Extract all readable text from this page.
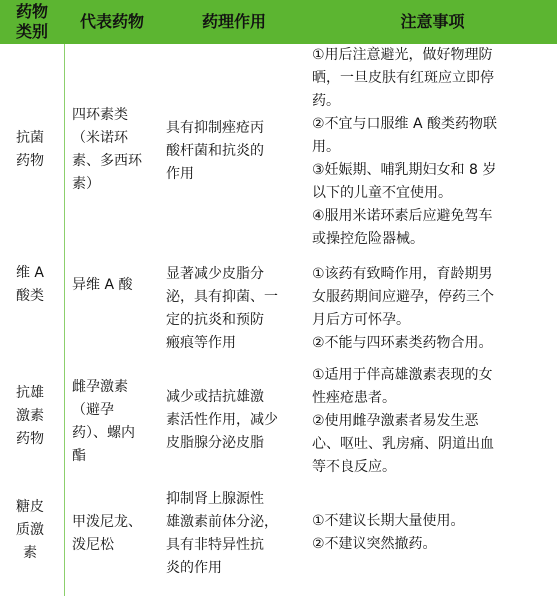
药物
类别
代表药物	药理作用	注意事项
抗菌
药物
四环素类
（米诺环
素、多西环
素）
具有抑制痤疮丙
酸杆菌和抗炎的
作用
①用后注意避光，做好物理防
晒，一旦皮肤有红斑应立即停
药。
②不宜与口服维 A 酸类药物联
用。
③妊娠期、哺乳期妇女和 8 岁
以下的儿童不宜使用。
④服用米诺环素后应避免驾车
或操控危险器械。
维 A
酸类
异维 A 酸
显著减少皮脂分
泌，具有抑菌、一
定的抗炎和预防
瘢痕等作用
①该药有致畸作用，育龄期男
女服药期间应避孕，停药三个
月后方可怀孕。
②不能与四环素类药物合用。
抗雄
激素
药物
雌孕激素
（避孕
药）、螺内
酯
减少或拮抗雄激
素活性作用，减少
皮脂腺分泌皮脂
①适用于伴高雄激素表现的女
性痤疮患者。
②使用雌孕激素者易发生恶
心、呕吐、乳房痛、阴道出血
等不良反应。
糖皮
质激
素
甲泼尼龙、
泼尼松
抑制肾上腺源性
雄激素前体分泌，
具有非特异性抗
炎的作用
①不建议长期大量使用。
②不建议突然撤药。
